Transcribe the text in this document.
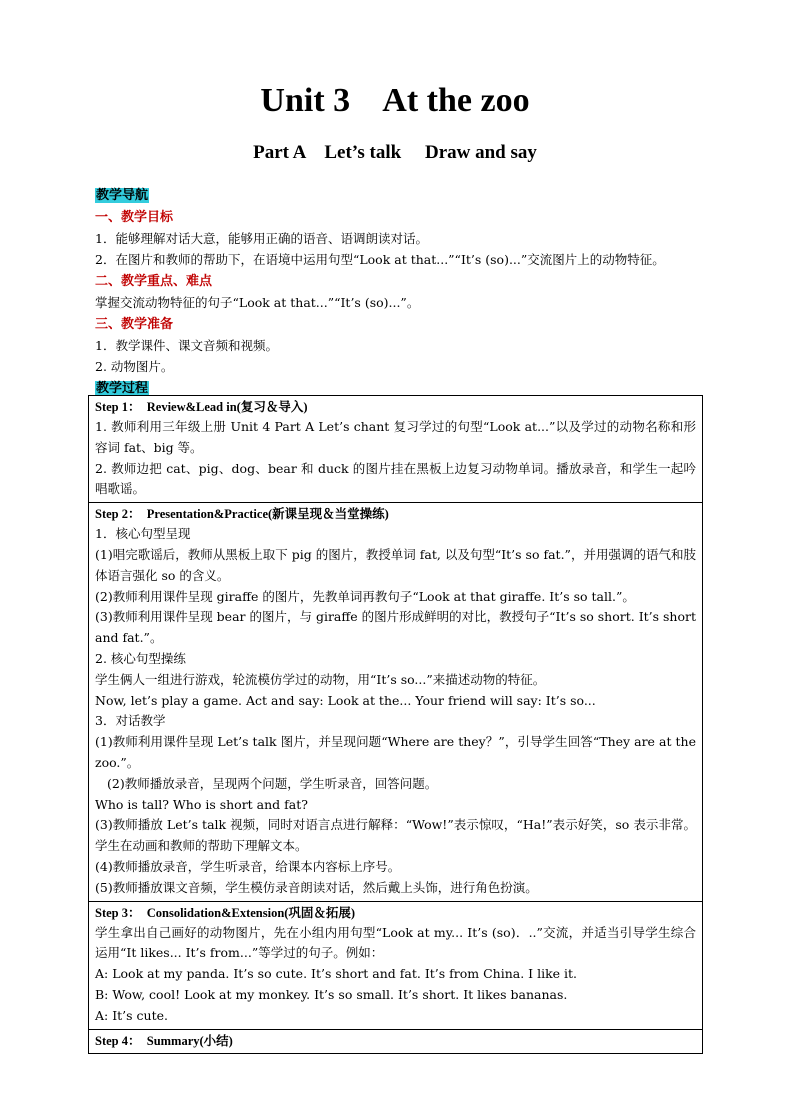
Unit 3    At the zoo
Part A    Let’s talk     Draw and say
教学导航
一、教学目标
1．能够理解对话大意，能够用正确的语音、语调朗读对话。
2．在图片和教师的帮助下，在语境中运用句型“Look at that...”“It’s (so)...”交流图片上的动物特征。
二、教学重点、难点
掌握交流动物特征的句子“Look at that...”“It’s (so)...”。
三、教学准备
1．教学课件、课文音频和视频。
2. 动物图片。
教学过程
Step 1：  Review&Lead in(复习＆导入)
1. 教师利用三年级上册 Unit 4 Part A Let’s chant 复习学过的句型“Look at...”以及学过的动物名称和形容词 fat、big 等。
2. 教师边把 cat、pig、dog、bear 和 duck 的图片挂在黑板上边复习动物单词。播放录音，和学生一起吟唱歌谣。

Step 2：  Presentation&Practice(新课呈现＆当堂操练)
1．核心句型呈现
(1)唱完歌谣后，教师从黑板上取下 pig 的图片，教授单词 fat, 以及句型“It’s so fat.”，并用强调的语气和肢体语言强化 so 的含义。
(2)教师利用课件呈现 giraffe 的图片，先教单词再教句子“Look at that giraffe. It’s so tall.”。
(3)教师利用课件呈现 bear 的图片，与 giraffe 的图片形成鲜明的对比，教授句子“It’s so short. It’s short and fat.”。
2. 核心句型操练
学生俩人一组进行游戏，轮流模仿学过的动物，用“It’s so...”来描述动物的特征。
Now, let’s play a game. Act and say: Look at the... Your friend will say: It’s so...
3．对话教学
(1)教师利用课件呈现 Let’s talk 图片，并呈现问题“Where are they？”，引导学生回答“They are at the zoo.”。
(2)教师播放录音，呈现两个问题，学生听录音，回答问题。
Who is tall? Who is short and fat?
(3)教师播放 Let’s talk 视频，同时对语言点进行解释：“Wow!”表示惊叹，“Ha!”表示好笑，so 表示非常。学生在动画和教师的帮助下理解文本。
(4)教师播放录音，学生听录音，给课本内容标上序号。
(5)教师播放课文音频，学生模仿录音朗读对话，然后戴上头饰，进行角色扮演。

Step 3：  Consolidation&Extension(巩固＆拓展)
学生拿出自己画好的动物图片，先在小组内用句型“Look at my... It’s (so)．..”交流，并适当引导学生综合运用“It likes... It’s from...”等学过的句子。例如：
A: Look at my panda. It’s so cute. It’s short and fat. It’s from China. I like it.
B: Wow, cool! Look at my monkey. It’s so small. It’s short. It likes bananas.
A: It’s cute.

Step 4：  Summary(小结)
